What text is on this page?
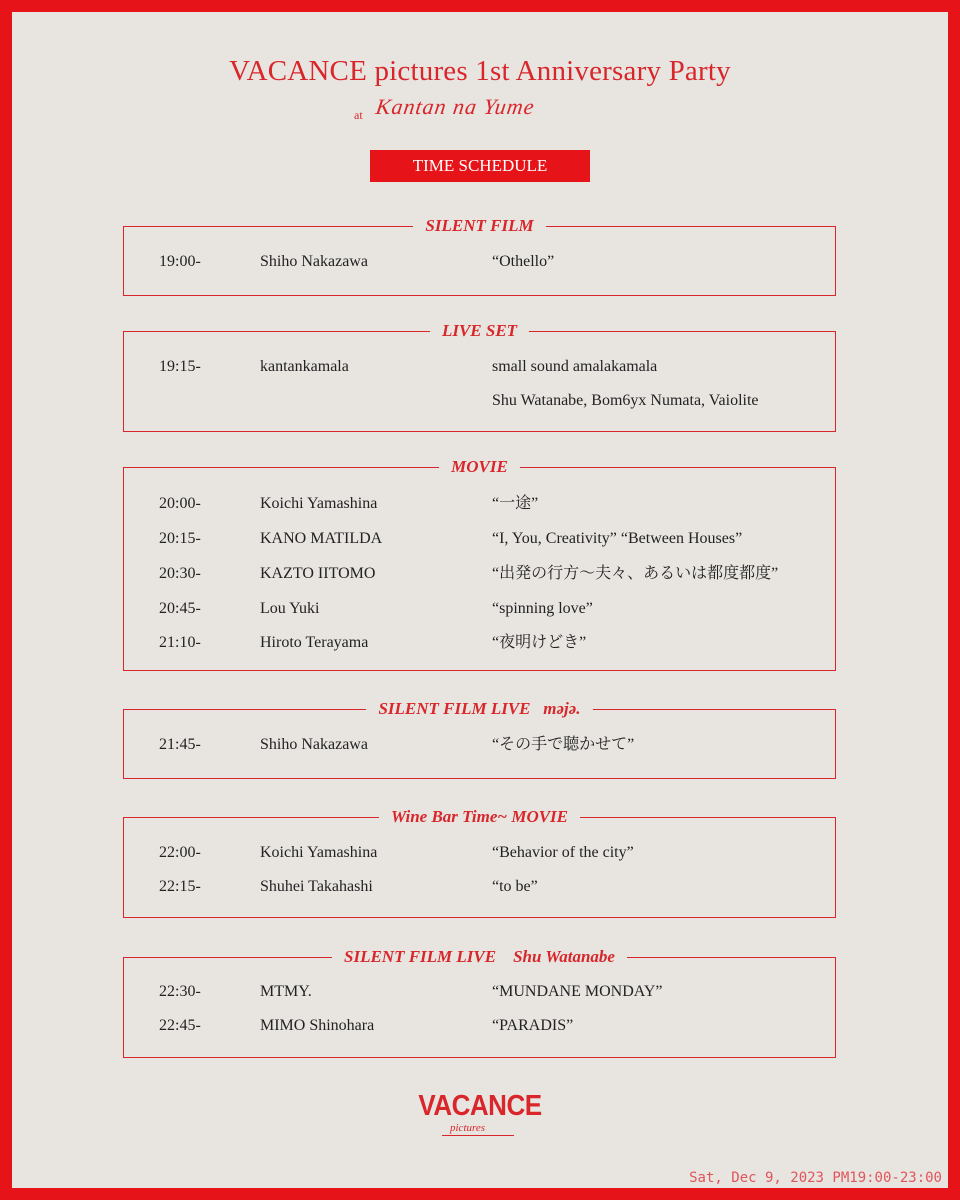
VACANCE pictures 1st Anniversary Party
at Kantan na Yume
TIME SCHEDULE
SILENT FILM
19:00-	Shiho Nakazawa	“Othello”
LIVE SET
19:15-	kantankamala	small sound amalakamala
Shu Watanabe, Bom6yx Numata, Vaiolite
MOVIE
20:00-	Koichi Yamashina	“一途”
20:15-	KANO MATILDA	“I, You, Creativity” “Between Houses”
20:30-	KAZTO IITOMO	“出発の行方〜夫々、あるいは都度都度”
20:45-	Lou Yuki	“spinning love”
21:10-	Hiroto Terayama	“夜明けどき”
SILENT FILM LIVE   məjə.
21:45-	Shiho Nakazawa	“その手で聴かせて”
Wine Bar Time~ MOVIE
22:00-	Koichi Yamashina	“Behavior of the city”
22:15-	Shuhei Takahashi	“to be”
SILENT FILM LIVE    Shu Watanabe
22:30-	MTMY.	“MUNDANE MONDAY”
22:45-	MIMO Shinohara	“PARADIS”
VACANCE
pictures
Sat, Dec 9, 2023 PM19:00-23:00
